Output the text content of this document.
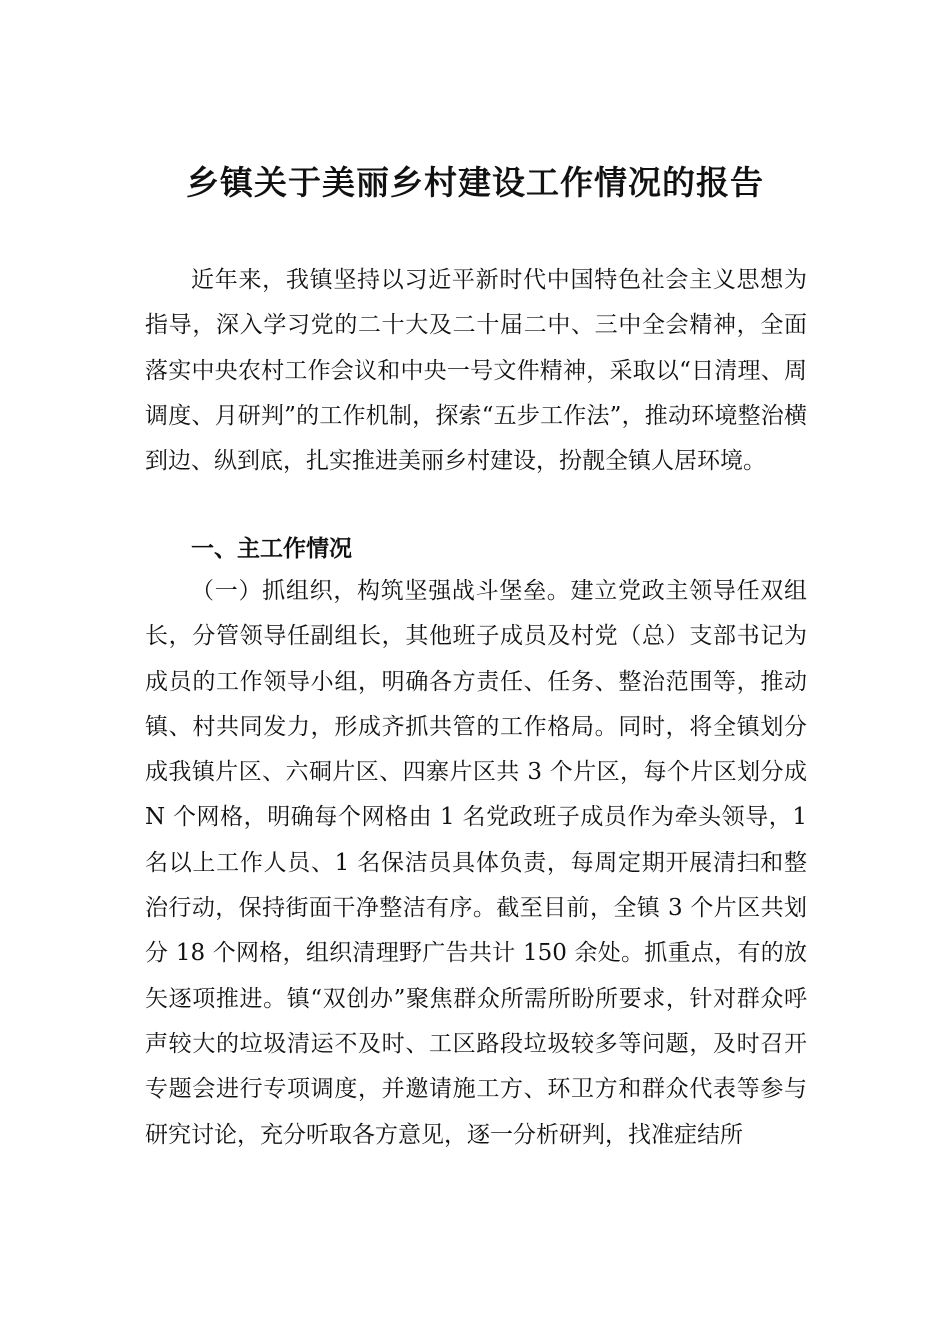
乡镇关于美丽乡村建设工作情况的报告

近年来，我镇坚持以习近平新时代中国特色社会主义思想为指导，深入学习党的二十大及二十届二中、三中全会精神，全面落实中央农村工作会议和中央一号文件精神，采取以“日清理、周调度、月研判”的工作机制，探索“五步工作法”，推动环境整治横到边、纵到底，扎实推进美丽乡村建设，扮靓全镇人居环境。

一、主工作情况

（一）抓组织，构筑坚强战斗堡垒。建立党政主领导任双组长，分管领导任副组长，其他班子成员及村党（总）支部书记为成员的工作领导小组，明确各方责任、任务、整治范围等，推动镇、村共同发力，形成齐抓共管的工作格局。同时，将全镇划分成我镇片区、六硐片区、四寨片区共 3 个片区，每个片区划分成 N 个网格，明确每个网格由 1 名党政班子成员作为牵头领导，1 名以上工作人员、1 名保洁员具体负责，每周定期开展清扫和整治行动，保持街面干净整洁有序。截至目前，全镇 3 个片区共划分 18 个网格，组织清理野广告共计 150 余处。抓重点，有的放矢逐项推进。镇“双创办”聚焦群众所需所盼所要求，针对群众呼声较大的垃圾清运不及时、工区路段垃圾较多等问题，及时召开专题会进行专项调度，并邀请施工方、环卫方和群众代表等参与研究讨论，充分听取各方意见，逐一分析研判，找准症结所
